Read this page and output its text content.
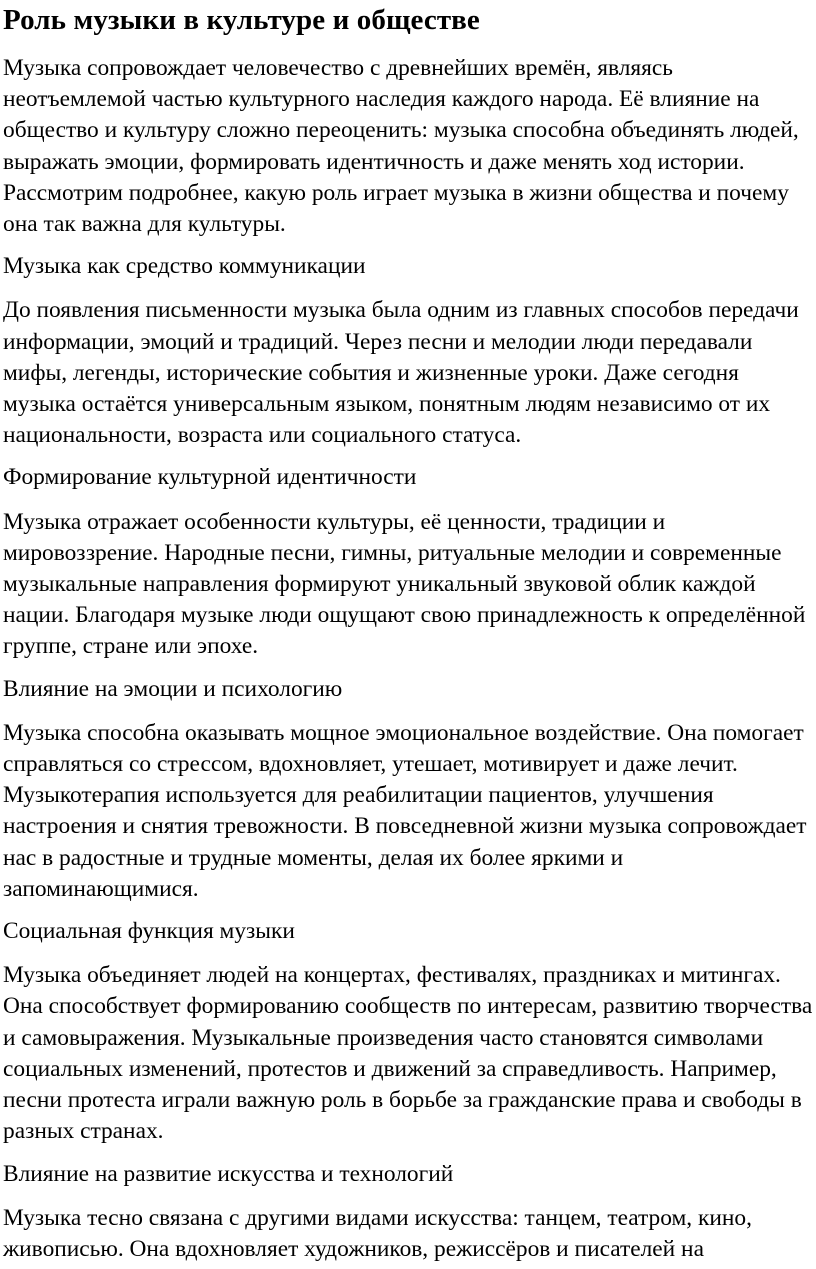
Роль музыки в культуре и обществе

Музыка сопровождает человечество с древнейших времён, являясь неотъемлемой частью культурного наследия каждого народа. Её влияние на общество и культуру сложно переоценить: музыка способна объединять людей, выражать эмоции, формировать идентичность и даже менять ход истории. Рассмотрим подробнее, какую роль играет музыка в жизни общества и почему она так важна для культуры.

Музыка как средство коммуникации

До появления письменности музыка была одним из главных способов передачи информации, эмоций и традиций. Через песни и мелодии люди передавали мифы, легенды, исторические события и жизненные уроки. Даже сегодня музыка остаётся универсальным языком, понятным людям независимо от их национальности, возраста или социального статуса.

Формирование культурной идентичности

Музыка отражает особенности культуры, её ценности, традиции и мировоззрение. Народные песни, гимны, ритуальные мелодии и современные музыкальные направления формируют уникальный звуковой облик каждой нации. Благодаря музыке люди ощущают свою принадлежность к определённой группе, стране или эпохе.

Влияние на эмоции и психологию

Музыка способна оказывать мощное эмоциональное воздействие. Она помогает справляться со стрессом, вдохновляет, утешает, мотивирует и даже лечит. Музыкотерапия используется для реабилитации пациентов, улучшения настроения и снятия тревожности. В повседневной жизни музыка сопровождает нас в радостные и трудные моменты, делая их более яркими и запоминающимися.

Социальная функция музыки

Музыка объединяет людей на концертах, фестивалях, праздниках и митингах. Она способствует формированию сообществ по интересам, развитию творчества и самовыражения. Музыкальные произведения часто становятся символами социальных изменений, протестов и движений за справедливость. Например, песни протеста играли важную роль в борьбе за гражданские права и свободы в разных странах.

Влияние на развитие искусства и технологий

Музыка тесно связана с другими видами искусства: танцем, театром, кино, живописью. Она вдохновляет художников, режиссёров и писателей на
